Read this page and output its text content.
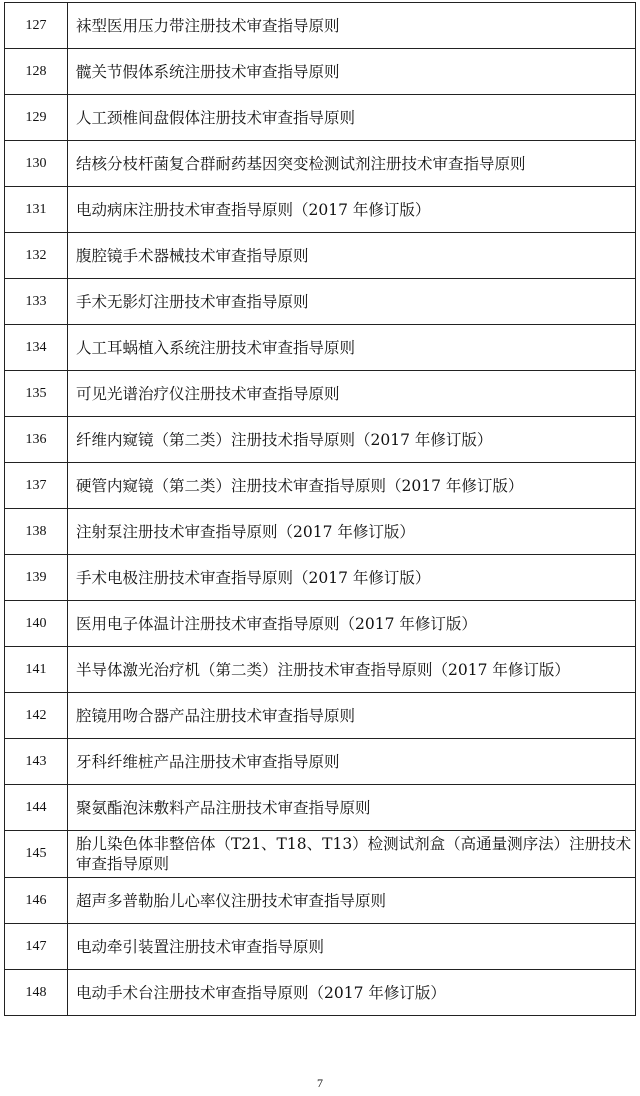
127	袜型医用压力带注册技术审查指导原则
128	髋关节假体系统注册技术审查指导原则
129	人工颈椎间盘假体注册技术审查指导原则
130	结核分枝杆菌复合群耐药基因突变检测试剂注册技术审查指导原则
131	电动病床注册技术审查指导原则（2017 年修订版）
132	腹腔镜手术器械技术审查指导原则
133	手术无影灯注册技术审查指导原则
134	人工耳蜗植入系统注册技术审查指导原则
135	可见光谱治疗仪注册技术审查指导原则
136	纤维内窥镜（第二类）注册技术指导原则（2017 年修订版）
137	硬管内窥镜（第二类）注册技术审查指导原则（2017 年修订版）
138	注射泵注册技术审查指导原则（2017 年修订版）
139	手术电极注册技术审查指导原则（2017 年修订版）
140	医用电子体温计注册技术审查指导原则（2017 年修订版）
141	半导体激光治疗机（第二类）注册技术审查指导原则（2017 年修订版）
142	腔镜用吻合器产品注册技术审查指导原则
143	牙科纤维桩产品注册技术审查指导原则
144	聚氨酯泡沫敷料产品注册技术审查指导原则
145	胎儿染色体非整倍体（T21、T18、T13）检测试剂盒（高通量测序法）注册技术审查指导原则
146	超声多普勒胎儿心率仪注册技术审查指导原则
147	电动牵引装置注册技术审查指导原则
148	电动手术台注册技术审查指导原则（2017 年修订版）
7
